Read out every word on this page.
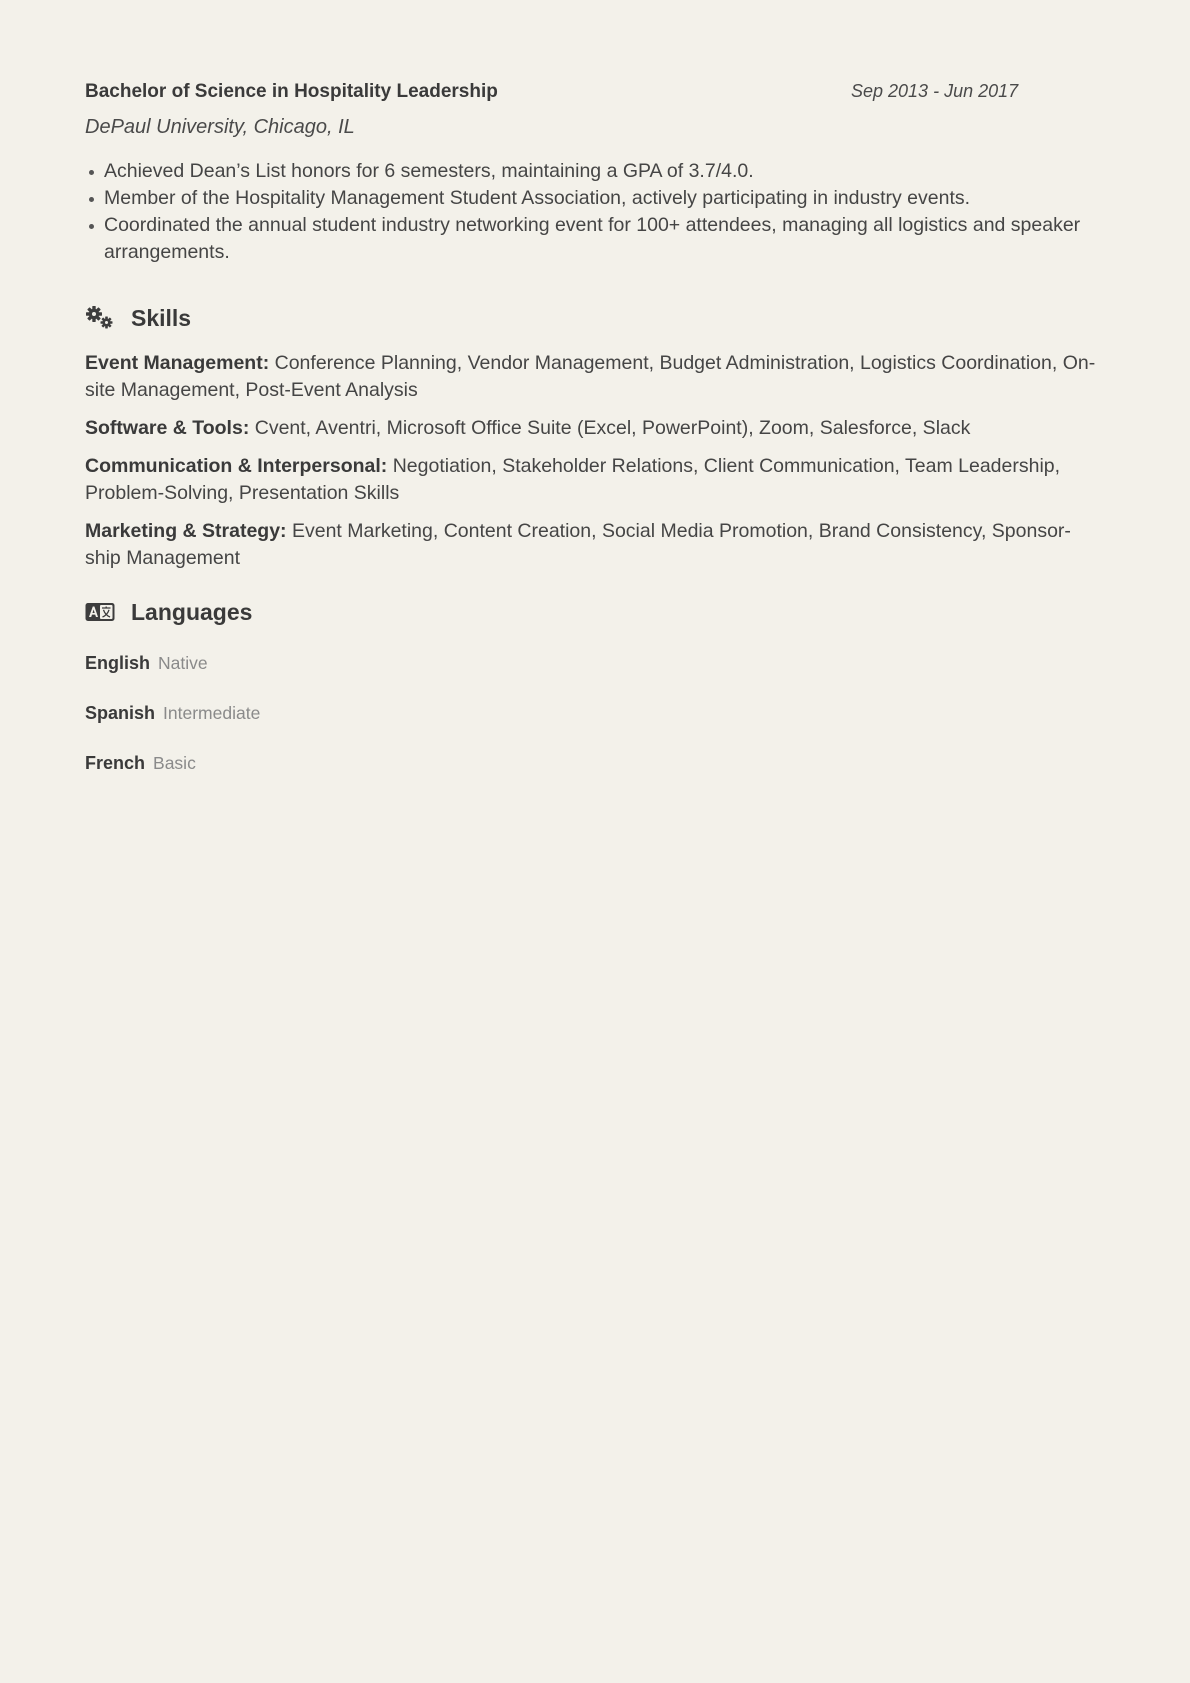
Bachelor of Science in Hospitality Leadership	Sep 2013 - Jun 2017
DePaul University, Chicago, IL
Achieved Dean’s List honors for 6 semesters, maintaining a GPA of 3.7/4.0.
Member of the Hospitality Management Student Association, actively participating in industry events.
Coordinated the annual student industry networking event for 100+ attendees, managing all logistics and speaker arrangements.
Skills
Event Management: Conference Planning, Vendor Management, Budget Administration, Logistics Coordination, On-site Management, Post-Event Analysis
Software & Tools: Cvent, Aventri, Microsoft Office Suite (Excel, PowerPoint), Zoom, Salesforce, Slack
Communication & Interpersonal: Negotiation, Stakeholder Relations, Client Communication, Team Leadership, Problem-Solving, Presentation Skills
Marketing & Strategy: Event Marketing, Content Creation, Social Media Promotion, Brand Consistency, Sponsor-ship Management
Languages
English Native
Spanish Intermediate
French Basic
